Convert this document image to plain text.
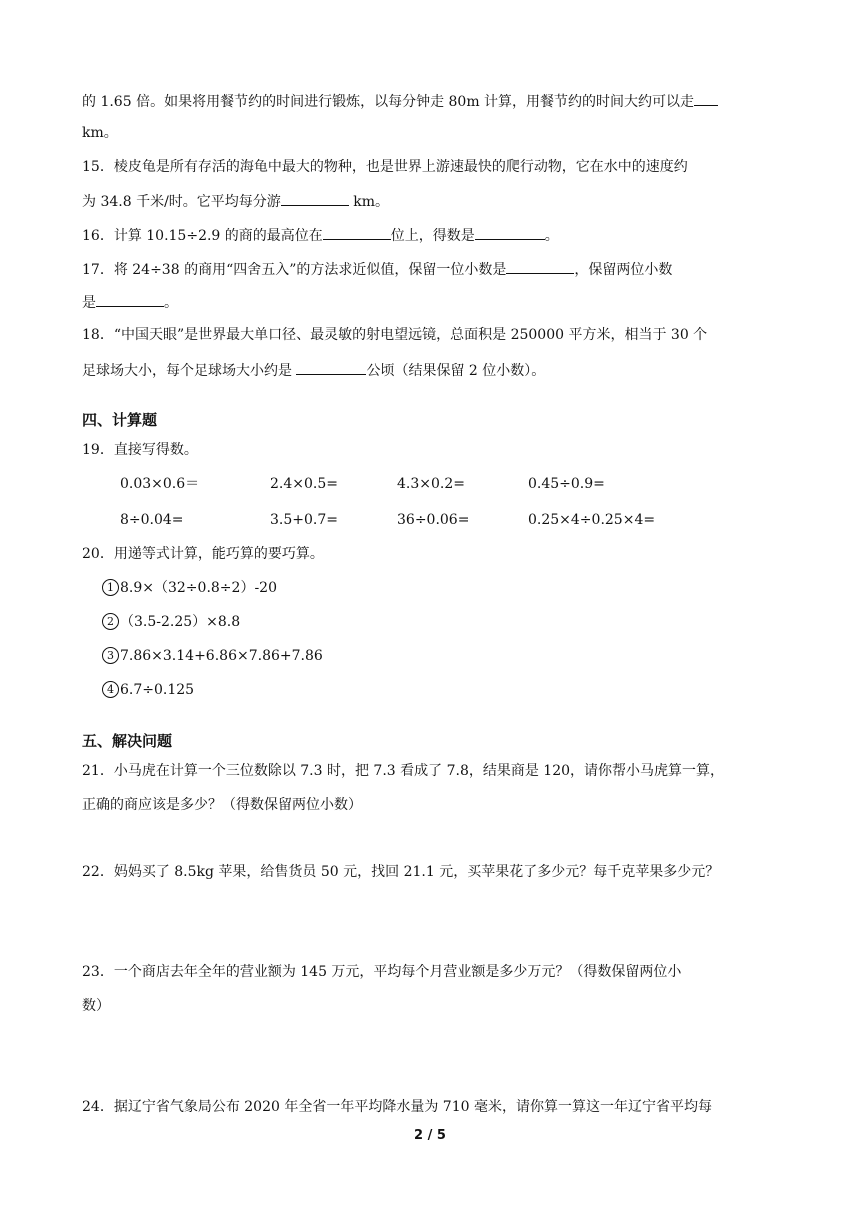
的 1.65 倍。如果将用餐节约的时间进行锻炼，以每分钟走 80m 计算，用餐节约的时间大约可以走
km。
15．棱皮龟是所有存活的海龟中最大的物种，也是世界上游速最快的爬行动物，它在水中的速度约
为 34.8 千米/时。它平均每分游	km。
16．计算 10.15÷2.9 的商的最高位在	位上，得数是	。
17．将 24÷38 的商用“四舍五入”的方法求近似值，保留一位小数是	，保留两位小数
是	。
18．“中国天眼”是世界最大单口径、最灵敏的射电望远镜，总面积是 250000 平方米，相当于 30 个
足球场大小，每个足球场大小约是	公顷（结果保留 2 位小数）。
四、计算题
19．直接写得数。
0.03×0.6＝	2.4×0.5=	4.3×0.2=	0.45÷0.9=
8÷0.04=	3.5+0.7=	36÷0.06=	0.25×4÷0.25×4=
20．用递等式计算，能巧算的要巧算。
1 8.9×（32÷0.8÷2）-20
2 （3.5-2.25）×8.8
3 7.86×3.14+6.86×7.86+7.86
4 6.7÷0.125
五、解决问题
21．小马虎在计算一个三位数除以 7.3 时，把 7.3 看成了 7.8，结果商是 120，请你帮小马虎算一算，
正确的商应该是多少？（得数保留两位小数）
22．妈妈买了 8.5kg 苹果，给售货员 50 元，找回 21.1 元，买苹果花了多少元？每千克苹果多少元？
23．一个商店去年全年的营业额为 145 万元，平均每个月营业额是多少万元？（得数保留两位小
数）
24．据辽宁省气象局公布 2020 年全省一年平均降水量为 710 毫米，请你算一算这一年辽宁省平均每
2 / 5
